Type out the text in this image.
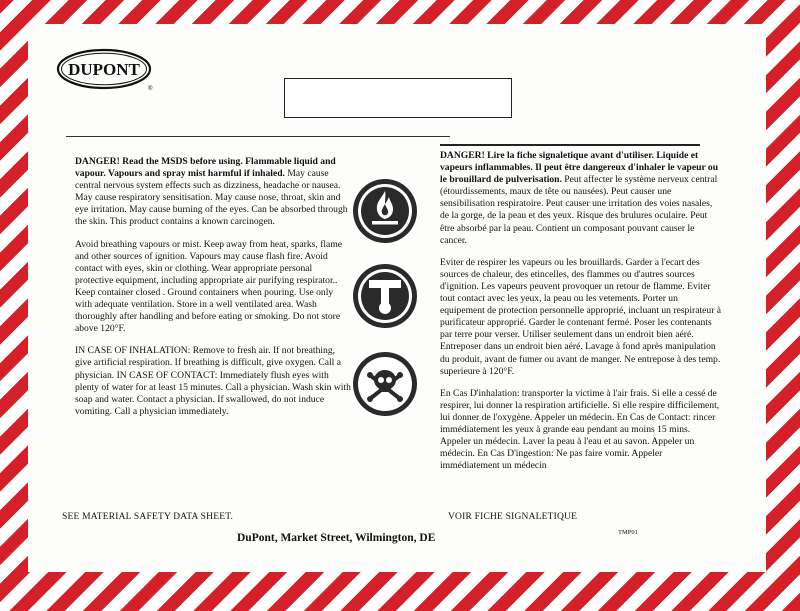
DUPONT
®

DANGER! Read the MSDS before using. Flammable liquid and vapour. Vapours and spray mist harmful if inhaled. May cause central nervous system effects such as dizziness, headache or nausea. May cause respiratory sensitisation. May cause nose, throat, skin and eye irritation. May cause burning of the eyes. Can be absorbed through the skin. This product contains a known carcinogen.

Avoid breathing vapours or mist. Keep away from heat, sparks, flame and other sources of ignition. Vapours may cause flash fire. Avoid contact with eyes, skin or clothing. Wear appropriate personal protective equipment, including appropriate air purifying respirator.. Keep container closed . Ground containers when pouring. Use only with adequate ventilation. Store in a well ventilated area. Wash thoroughly after handling and before eating or smoking. Do not store above 120°F.

IN CASE OF INHALATION: Remove to fresh air. If not breathing, give artificial respiration. If breathing is difficult, give oxygen. Call a physician. IN CASE OF CONTACT: Immediately flush eyes with plenty of water for at least 15 minutes. Call a physician. Wash skin with soap and water. Contact a physician. If swallowed, do not induce vomiting. Call a physician immediately.

DANGER! Lire la fiche signaletique avant d'utiliser. Liquide et vapeurs inflammables. Il peut être dangereux d'inhaler le vapeur ou le brouillard de pulverisation. Peut affecter le système nerveux central (étourdissements, maux de tête ou nausées). Peut causer une sensibilisation respiratoire. Peut causer une irritation des voies nasales, de la gorge, de la peau et des yeux. Risque des brulures oculaire. Peut être absorbé par la peau. Contient un composant pouvant causer le cancer.

Eviter de respirer les vapeurs ou les brouillards. Garder a l'ecart des sources de chaleur, des etincelles, des flammes ou d'autres sources d'ignition. Les vapeurs peuvent provoquer un retour de flamme. Eviter tout contact avec les yeux, la peau ou les vetements. Porter un equipement de protection personnelle approprié, incluant un respirateur à purificateur approprié. Garder le contenant fermé. Poser les contenants par terre pour verser. Utiliser seulement dans un endroit bien aéré. Entreposer dans un endroit bien aéré. Lavage à fond après manipulation du produit, avant de fumer ou avant de manger. Ne entrepose à des temp. superieure à 120°F.

En Cas D'inhalation: transporter la victime à l'air frais. Si elle a cessé de respirer, lui donner la respiration artificielle. Si elle respire difficilement, lui donner de l'oxygène. Appeler un médecin. En Cas de Contact: rincer immédiatement les yeux à grande eau pendant au moins 15 mins. Appeler un médecin. Laver la peau à l'eau et au savon. Appeler un médecin. En Cas D'ingestion: Ne pas faire vomir. Appeler immédiatement un médecin

SEE MATERIAL SAFETY DATA SHEET.	VOIR FICHE SIGNALETIQUE
DuPont, Market Street, Wilmington, DE	TMP01
